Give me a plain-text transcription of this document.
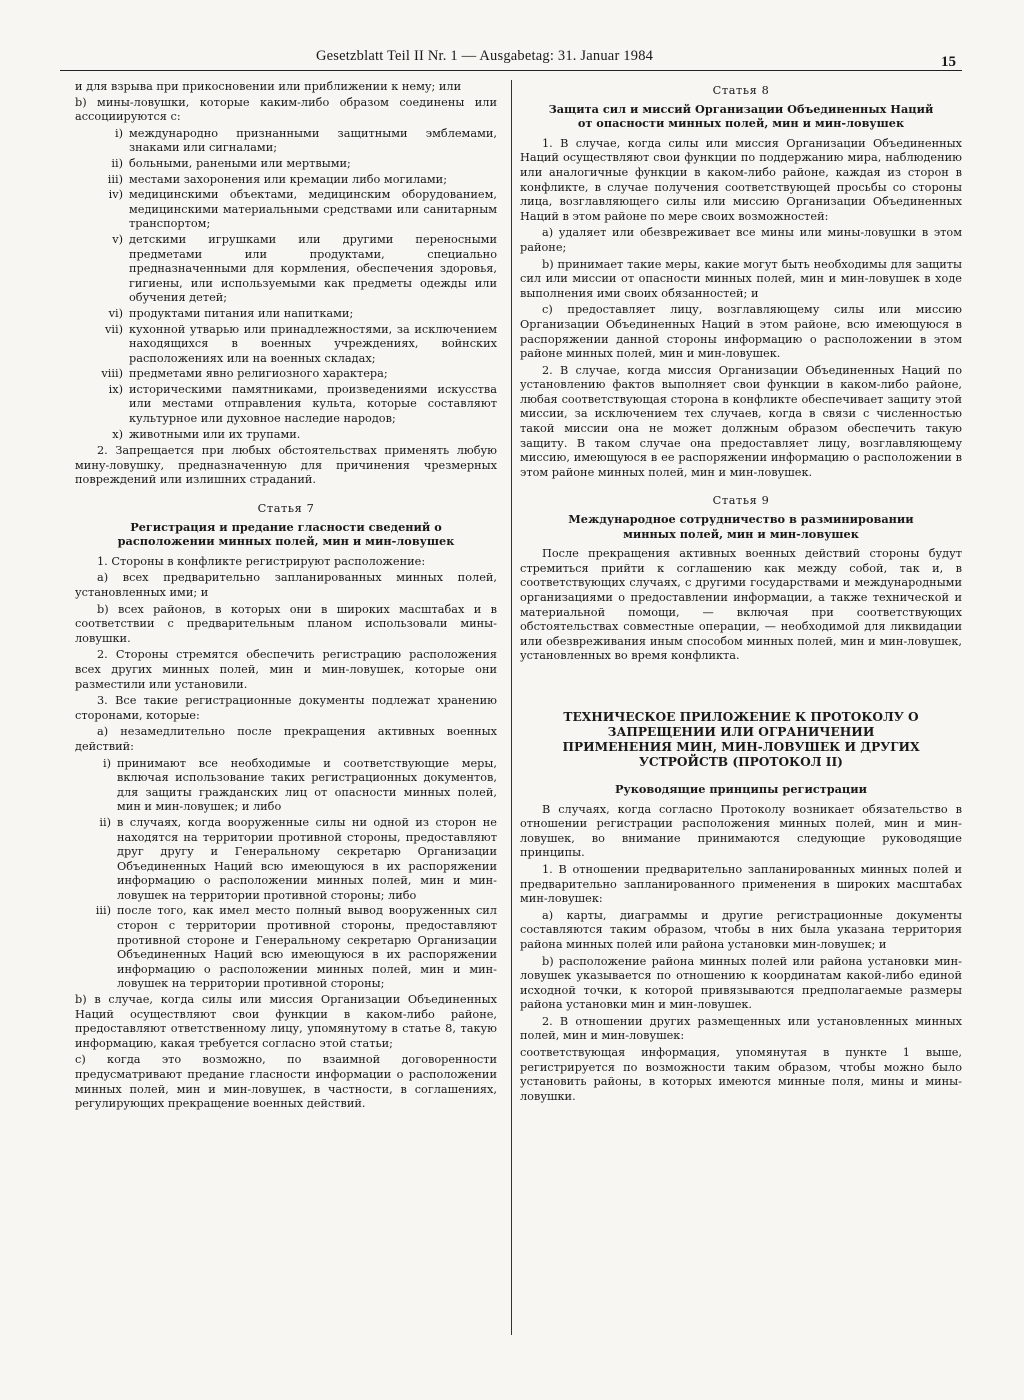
Gesetzblatt Teil II Nr. 1 — Ausgabetag: 31. Januar 1984	15

и для взрыва при прикосновении или приближении к нему; или

b) мины-ловушки, которые каким-либо образом соединены или ассоциируются с:

i) международно признанными защитными эмблемами, знаками или сигналами;
ii) больными, ранеными или мертвыми;
iii) местами захоронения или кремации либо могилами;
iv) медицинскими объектами, медицинским оборудованием, медицинскими материальными средствами или санитарным транспортом;
v) детскими игрушками или другими переносными предметами или продуктами, специально предназначенными для кормления, обеспечения здоровья, гигиены, или используемыми как предметы одежды или обучения детей;
vi) продуктами питания или напитками;
vii) кухонной утварью или принадлежностями, за исключением находящихся в военных учреждениях, войнских расположениях или на военных складах;
viii) предметами явно религиозного характера;
ix) историческими памятниками, произведениями искусства или местами отправления культа, которые составляют культурное или духовное наследие народов;
x) животными или их трупами.

2. Запрещается при любых обстоятельствах применять любую мину-ловушку, предназначенную для причинения чрезмерных повреждений или излишних страданий.

Статья 7
Регистрация и предание гласности сведений о расположении минных полей, мин и мин-ловушек

1. Стороны в конфликте регистрируют расположение:

a) всех предварительно запланированных минных полей, установленных ими; и

b) всех районов, в которых они в широких масштабах и в соответствии с предварительным планом использовали мины-ловушки.

2. Стороны стремятся обеспечить регистрацию расположения всех других минных полей, мин и мин-ловушек, которые они разместили или установили.

3. Все такие регистрационные документы подлежат хранению сторонами, которые:

a) незамедлительно после прекращения активных военных действий:

i) принимают все необходимые и соответствующие меры, включая использование таких регистрационных документов, для защиты гражданских лиц от опасности минных полей, мин и мин-ловушек; и либо
ii) в случаях, когда вооруженные силы ни одной из сторон не находятся на территории противной стороны, предоставляют друг другу и Генеральному секретарю Организации Объединенных Наций всю имеющуюся в их распоряжении информацию о расположении минных полей, мин и мин-ловушек на территории противной стороны; либо
iii) после того, как имел место полный вывод вооруженных сил сторон с территории противной стороны, предоставляют противной стороне и Генеральному секретарю Организации Объединенных Наций всю имеющуюся в их распоряжении информацию о расположении минных полей, мин и мин-ловушек на территории противной стороны;

b) в случае, когда силы или миссия Организации Объединенных Наций осуществляют свои функции в каком-либо районе, предоставляют ответственному лицу, упомянутому в статье 8, такую информацию, какая требуется согласно этой статьи;

c) когда это возможно, по взаимной договоренности предусматривают предание гласности информации о расположении минных полей, мин и мин-ловушек, в частности, в соглашениях, регулирующих прекращение военных действий.

Статья 8
Защита сил и миссий Организации Объединенных Наций от опасности минных полей, мин и мин-ловушек

1. В случае, когда силы или миссия Организации Объединенных Наций осуществляют свои функции по поддержанию мира, наблюдению или аналогичные функции в каком-либо районе, каждая из сторон в конфликте, в случае получения соответствующей просьбы со стороны лица, возглавляющего силы или миссию Организации Объединенных Наций в этом районе по мере своих возможностей:

a) удаляет или обезвреживает все мины или мины-ловушки в этом районе;

b) принимает такие меры, какие могут быть необходимы для защиты сил или миссии от опасности минных полей, мин и мин-ловушек в ходе выполнения ими своих обязанностей; и

c) предоставляет лицу, возглавляющему силы или миссию Организации Объединенных Наций в этом районе, всю имеющуюся в распоряжении данной стороны информацию о расположении в этом районе минных полей, мин и мин-ловушек.

2. В случае, когда миссия Организации Объединенных Наций по установлению фактов выполняет свои функции в каком-либо районе, любая соответствующая сторона в конфликте обеспечивает защиту этой миссии, за исключением тех случаев, когда в связи с численностью такой миссии она не может должным образом обеспечить такую защиту. В таком случае она предоставляет лицу, возглавляющему миссию, имеющуюся в ее распоряжении информацию о расположении в этом районе минных полей, мин и мин-ловушек.

Статья 9
Международное сотрудничество в разминировании минных полей, мин и мин-ловушек

После прекращения активных военных действий стороны будут стремиться прийти к соглашению как между собой, так и, в соответствующих случаях, с другими государствами и международными организациями о предоставлении информации, а также технической и материальной помощи, — включая при соответствующих обстоятельствах совместные операции, — необходимой для ликвидации или обезвреживания иным способом минных полей, мин и мин-ловушек, установленных во время конфликта.

ТЕХНИЧЕСКОЕ ПРИЛОЖЕНИЕ К ПРОТОКОЛУ О ЗАПРЕЩЕНИИ ИЛИ ОГРАНИЧЕНИИ ПРИМЕНЕНИЯ МИН, МИН-ЛОВУШЕК И ДРУГИХ УСТРОЙСТВ (ПРОТОКОЛ II)
Руководящие принципы регистрации

В случаях, когда согласно Протоколу возникает обязательство в отношении регистрации расположения минных полей, мин и мин-ловушек, во внимание принимаются следующие руководящие принципы.

1. В отношении предварительно запланированных минных полей и предварительно запланированного применения в широких масштабах мин-ловушек:

a) карты, диаграммы и другие регистрационные документы составляются таким образом, чтобы в них была указана территория района минных полей или района установки мин-ловушек; и

b) расположение района минных полей или района установки мин-ловушек указывается по отношению к координатам какой-либо единой исходной точки, к которой привязываются предполагаемые размеры района установки мин и мин-ловушек.

2. В отношении других размещенных или установленных минных полей, мин и мин-ловушек:

соответствующая информация, упомянутая в пункте 1 выше, регистрируется по возможности таким образом, чтобы можно было установить районы, в которых имеются минные поля, мины и мины-ловушки.
